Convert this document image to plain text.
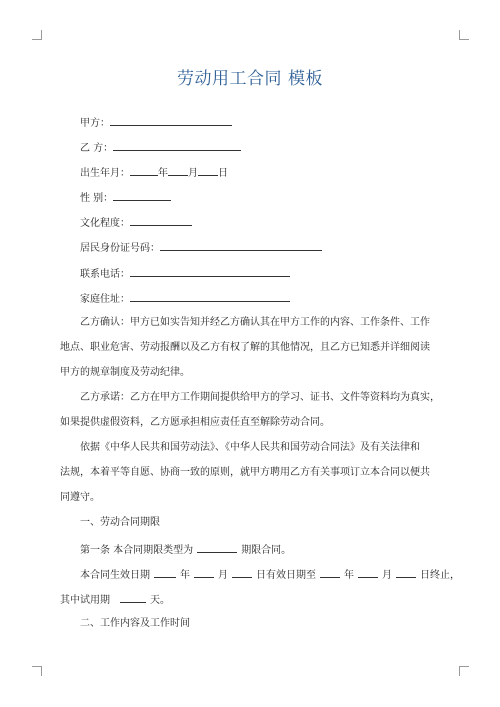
劳动用工合同 模板
甲方：
乙 方：
出生年月：	年 月 日
性 别：
文化程度：
居民身份证号码：
联系电话：
家庭住址：
乙方确认：甲方已如实告知并经乙方确认其在甲方工作的内容、工作条件、工作
地点、职业危害、劳动报酬以及乙方有权了解的其他情况，且乙方已知悉并详细阅读
甲方的规章制度及劳动纪律。
乙方承诺：乙方在甲方工作期间提供给甲方的学习、证书、文件等资料均为真实，
如果提供虚假资料，乙方愿承担相应责任直至解除劳动合同。
依据《中华人民共和国劳动法》、《中华人民共和国劳动合同法》及有关法律和
法规，本着平等自愿、协商一致的原则，就甲方聘用乙方有关事项订立本合同以便共
同遵守。
一、劳动合同期限
第一条 本合同期限类型为	期限合同。
本合同生效日期	年	月	日有效日期至	年	月	日终止，
其中试用期	天。
二、工作内容及工作时间
